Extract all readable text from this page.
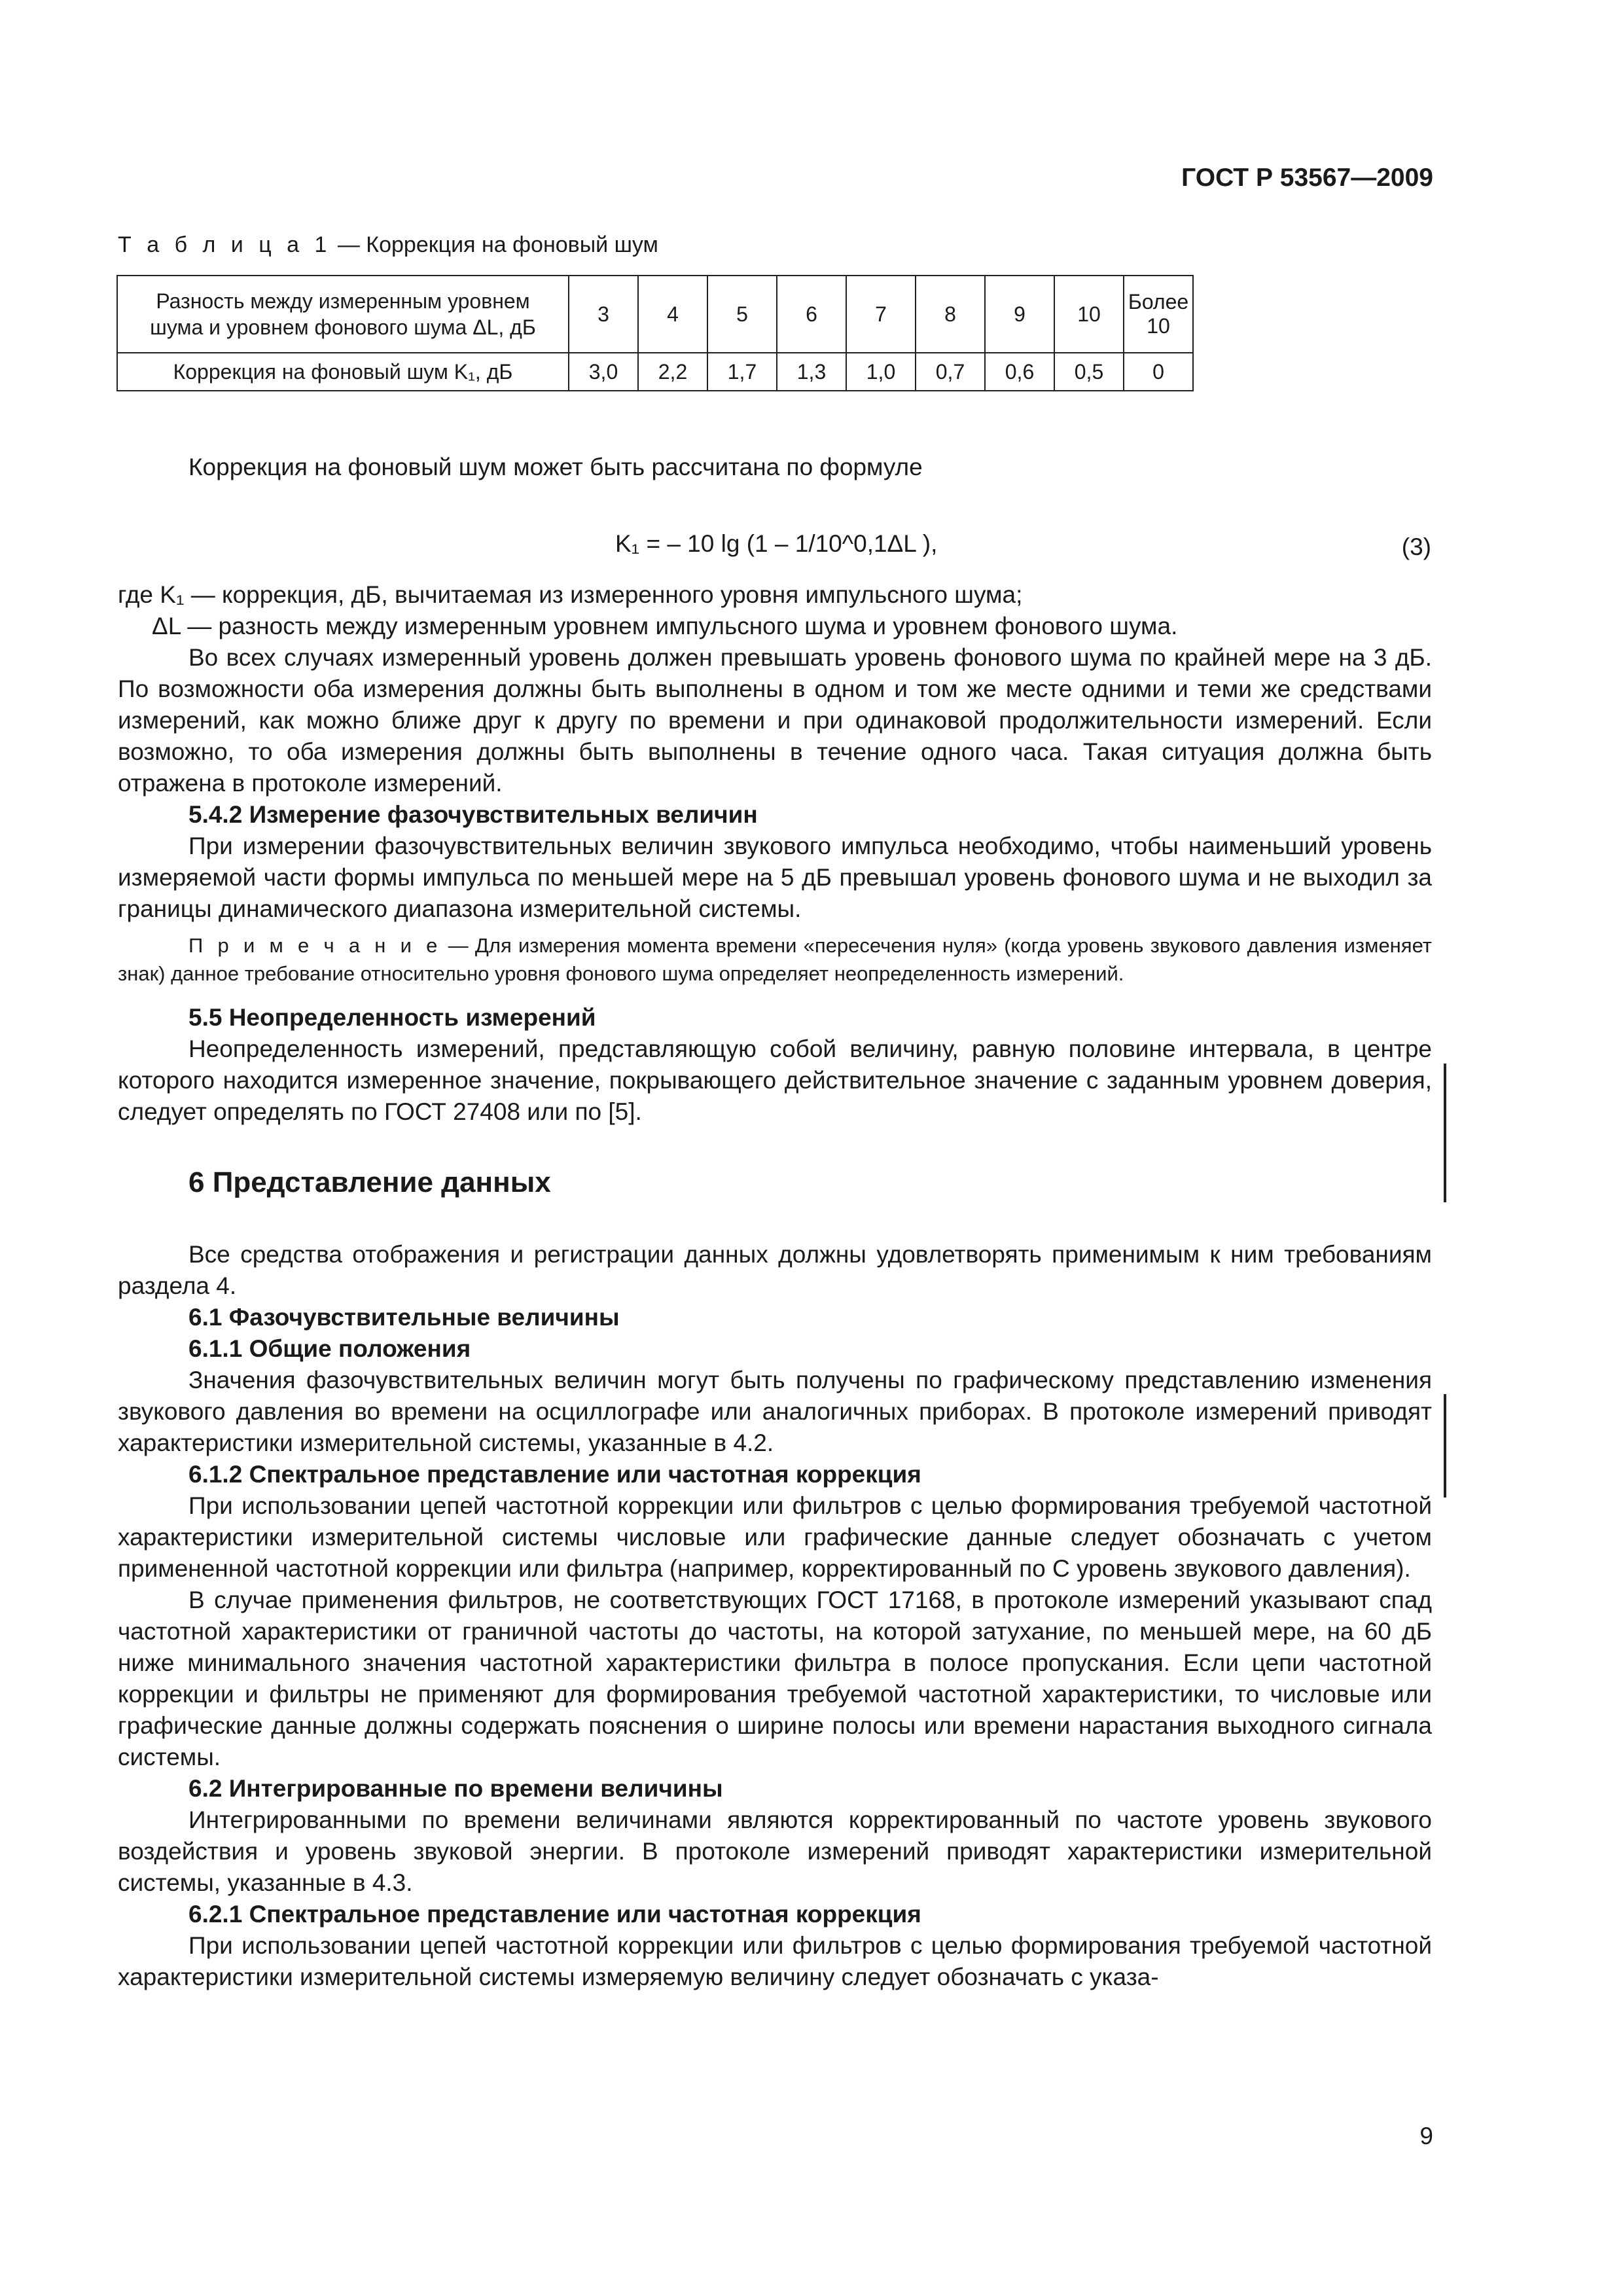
ГОСТ Р 53567—2009
Т а б л и ц а 1 — Коррекция на фоновый шум

Разность между измеренным уровнем

шума и уровнем фонового шума ΔL, дБ	3	4	5	6	7	8	9	10	Более 10
Коррекция на фоновый шум K₁, дБ	3,0	2,2	1,7	1,3	1,0	0,7	0,6	0,5	0
Коррекция на фоновый шум может быть рассчитана по формуле
K₁ = – 10 lg (1 – 1/10^0,1ΔL ),	(3)

где K₁ — коррекция, дБ, вычитаемая из измеренного уровня импульсного шума;

ΔL — разность между измеренным уровнем импульсного шума и уровнем фонового шума.

Во всех случаях измеренный уровень должен превышать уровень фонового шума по крайней мере на 3 дБ. По возможности оба измерения должны быть выполнены в одном и том же месте одними и теми же средствами измерений, как можно ближе друг к другу по времени и при одинаковой продолжительности измерений. Если возможно, то оба измерения должны быть выполнены в течение одного часа. Такая ситуация должна быть отражена в протоколе измерений.

5.4.2 Измерение фазочувствительных величин

При измерении фазочувствительных величин звукового импульса необходимо, чтобы наименьший уровень измеряемой части формы импульса по меньшей мере на 5 дБ превышал уровень фонового шума и не выходил за границы динамического диапазона измерительной системы.

П р и м е ч а н и е — Для измерения момента времени «пересечения нуля» (когда уровень звукового давления изменяет знак) данное требование относительно уровня фонового шума определяет неопределенность измерений.

5.5 Неопределенность измерений

Неопределенность измерений, представляющую собой величину, равную половине интервала, в центре которого находится измеренное значение, покрывающего действительное значение с заданным уровнем доверия, следует определять по ГОСТ 27408 или по [5].

6 Представление данных

Все средства отображения и регистрации данных должны удовлетворять применимым к ним требованиям раздела 4.

6.1 Фазочувствительные величины

6.1.1 Общие положения

Значения фазочувствительных величин могут быть получены по графическому представлению изменения звукового давления во времени на осциллографе или аналогичных приборах. В протоколе измерений приводят характеристики измерительной системы, указанные в 4.2.

6.1.2 Спектральное представление или частотная коррекция

При использовании цепей частотной коррекции или фильтров с целью формирования требуемой частотной характеристики измерительной системы числовые или графические данные следует обозначать с учетом примененной частотной коррекции или фильтра (например, корректированный по С уровень звукового давления).

В случае применения фильтров, не соответствующих ГОСТ 17168, в протоколе измерений указывают спад частотной характеристики от граничной частоты до частоты, на которой затухание, по меньшей мере, на 60 дБ ниже минимального значения частотной характеристики фильтра в полосе пропускания. Если цепи частотной коррекции и фильтры не применяют для формирования требуемой частотной характеристики, то числовые или графические данные должны содержать пояснения о ширине полосы или времени нарастания выходного сигнала системы.

6.2 Интегрированные по времени величины

Интегрированными по времени величинами являются корректированный по частоте уровень звукового воздействия и уровень звуковой энергии. В протоколе измерений приводят характеристики измерительной системы, указанные в 4.3.

6.2.1 Спектральное представление или частотная коррекция

При использовании цепей частотной коррекции или фильтров с целью формирования требуемой частотной характеристики измерительной системы измеряемую величину следует обозначать с указа-

9
